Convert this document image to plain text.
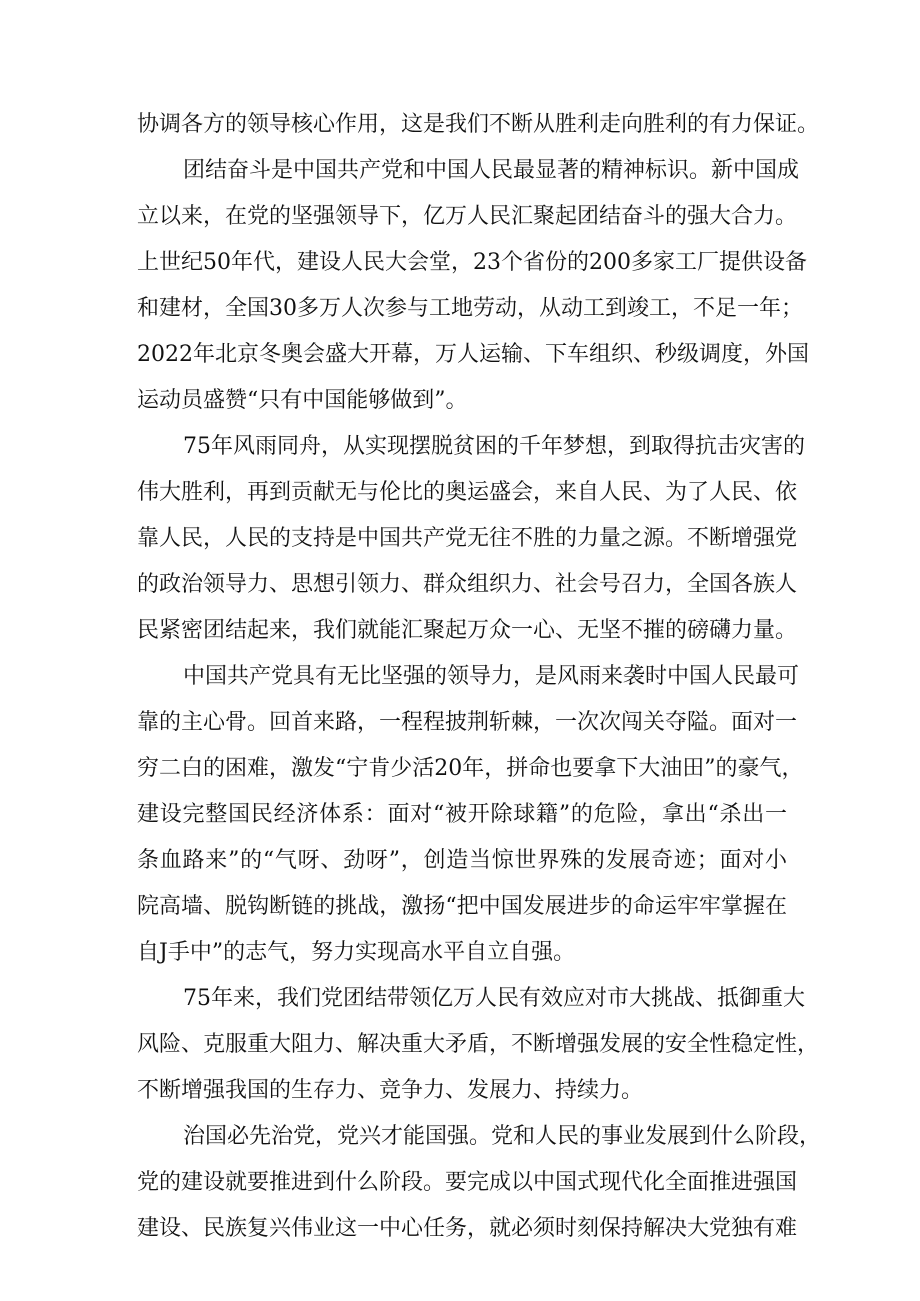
协调各方的领导核心作用，这是我们不断从胜利走向胜利的有力保证。
团结奋斗是中国共产党和中国人民最显著的精神标识。新中国成
立以来，在党的坚强领导下，亿万人民汇聚起团结奋斗的强大合力。
上世纪50年代，建设人民大会堂，23个省份的200多家工厂提供设备
和建材，全国30多万人次参与工地劳动，从动工到竣工，不足一年；
2022年北京冬奥会盛大开幕，万人运输、下车组织、秒级调度，外国
运动员盛赞“只有中国能够做到”。
75年风雨同舟，从实现摆脱贫困的千年梦想，到取得抗击灾害的
伟大胜利，再到贡献无与伦比的奥运盛会，来自人民、为了人民、依
靠人民，人民的支持是中国共产党无往不胜的力量之源。不断增强党
的政治领导力、思想引领力、群众组织力、社会号召力，全国各族人
民紧密团结起来，我们就能汇聚起万众一心、无坚不摧的磅礴力量。
中国共产党具有无比坚强的领导力，是风雨来袭时中国人民最可
靠的主心骨。回首来路，一程程披荆斩棘，一次次闯关夺隘。面对一
穷二白的困难，激发“宁肯少活20年，拼命也要拿下大油田”的豪气，
建设完整国民经济体系：面对“被开除球籍”的危险，拿出“杀出一
条血路来”的“气呀、劲呀”，创造当惊世界殊的发展奇迹；面对小
院高墙、脱钩断链的挑战，激扬“把中国发展进步的命运牢牢掌握在
自J手中”的志气，努力实现高水平自立自强。
75年来，我们党团结带领亿万人民有效应对市大挑战、抵御重大
风险、克服重大阻力、解决重大矛盾，不断增强发展的安全性稳定性，
不断增强我国的生存力、竞争力、发展力、持续力。
治国必先治党，党兴才能国强。党和人民的事业发展到什么阶段，
党的建设就要推进到什么阶段。要完成以中国式现代化全面推进强国
建设、民族复兴伟业这一中心任务，就必须时刻保持解决大党独有难
